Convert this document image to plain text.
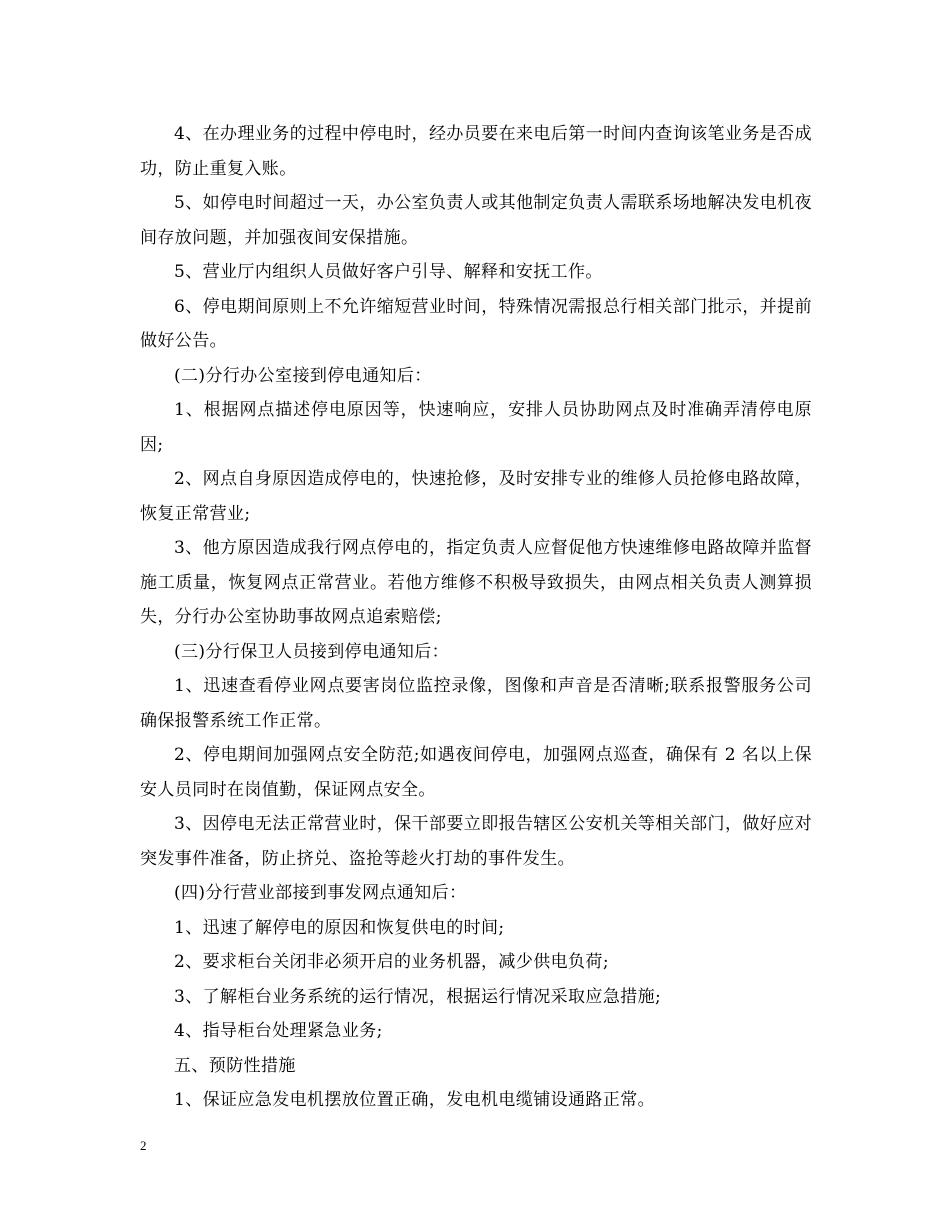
4、在办理业务的过程中停电时，经办员要在来电后第一时间内查询该笔业务是否成功，防止重复入账。

5、如停电时间超过一天，办公室负责人或其他制定负责人需联系场地解决发电机夜间存放问题，并加强夜间安保措施。

5、营业厅内组织人员做好客户引导、解释和安抚工作。

6、停电期间原则上不允许缩短营业时间，特殊情况需报总行相关部门批示，并提前做好公告。

(二)分行办公室接到停电通知后：

1、根据网点描述停电原因等，快速响应，安排人员协助网点及时准确弄清停电原因;

2、网点自身原因造成停电的，快速抢修，及时安排专业的维修人员抢修电路故障，恢复正常营业;

3、他方原因造成我行网点停电的，指定负责人应督促他方快速维修电路故障并监督施工质量，恢复网点正常营业。若他方维修不积极导致损失，由网点相关负责人测算损失，分行办公室协助事故网点追索赔偿;

(三)分行保卫人员接到停电通知后：

1、迅速查看停业网点要害岗位监控录像，图像和声音是否清晰;联系报警服务公司确保报警系统工作正常。

2、停电期间加强网点安全防范;如遇夜间停电，加强网点巡查，确保有 2 名以上保安人员同时在岗值勤，保证网点安全。

3、因停电无法正常营业时，保干部要立即报告辖区公安机关等相关部门，做好应对突发事件准备，防止挤兑、盗抢等趁火打劫的事件发生。

(四)分行营业部接到事发网点通知后：

1、迅速了解停电的原因和恢复供电的时间;

2、要求柜台关闭非必须开启的业务机器，减少供电负荷;

3、了解柜台业务系统的运行情况，根据运行情况采取应急措施;

4、指导柜台处理紧急业务;

五、预防性措施

1、保证应急发电机摆放位置正确，发电机电缆铺设通路正常。

2
